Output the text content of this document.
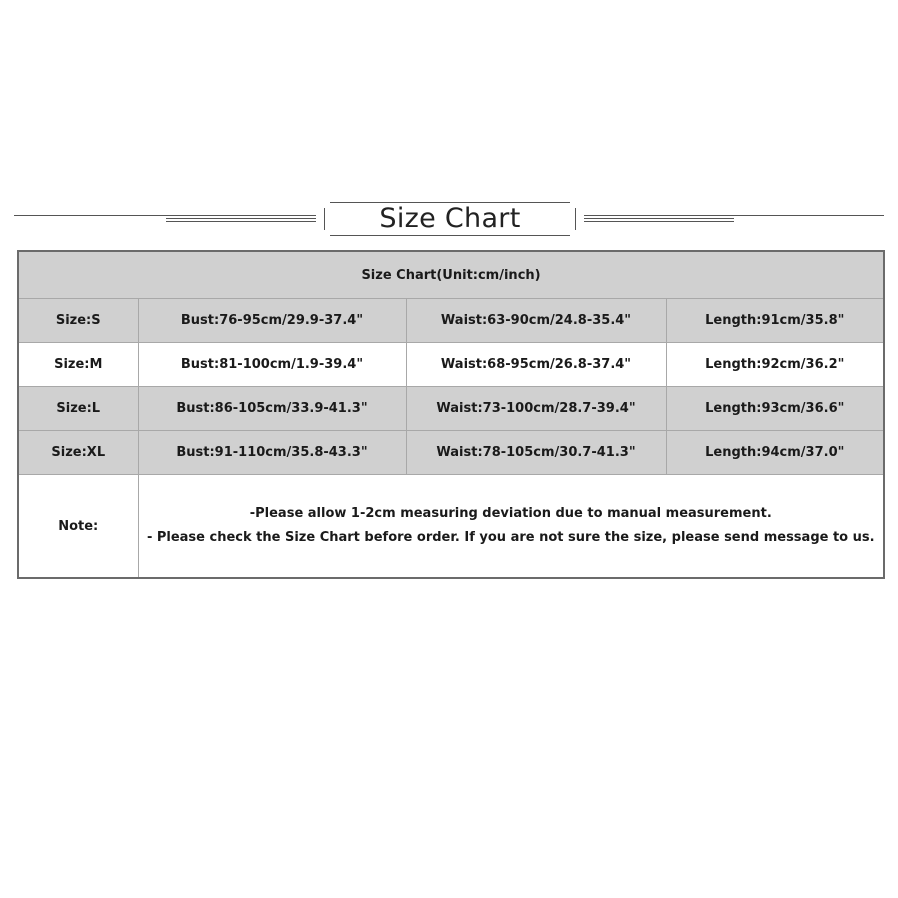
Size Chart
Size Chart(Unit:cm/inch)			
Size:S	Bust:76-95cm/29.9-37.4"	Waist:63-90cm/24.8-35.4"	Length:91cm/35.8"
Size:M	Bust:81-100cm/1.9-39.4"	Waist:68-95cm/26.8-37.4"	Length:92cm/36.2"
Size:L	Bust:86-105cm/33.9-41.3"	Waist:73-100cm/28.7-39.4"	Length:93cm/36.6"
Size:XL	Bust:91-110cm/35.8-43.3"	Waist:78-105cm/30.7-41.3"	Length:94cm/37.0"
Note:	-Please allow 1-2cm measuring deviation due to manual measurement.
- Please check the Size Chart before order. If you are not sure the size, please send message to us.		
